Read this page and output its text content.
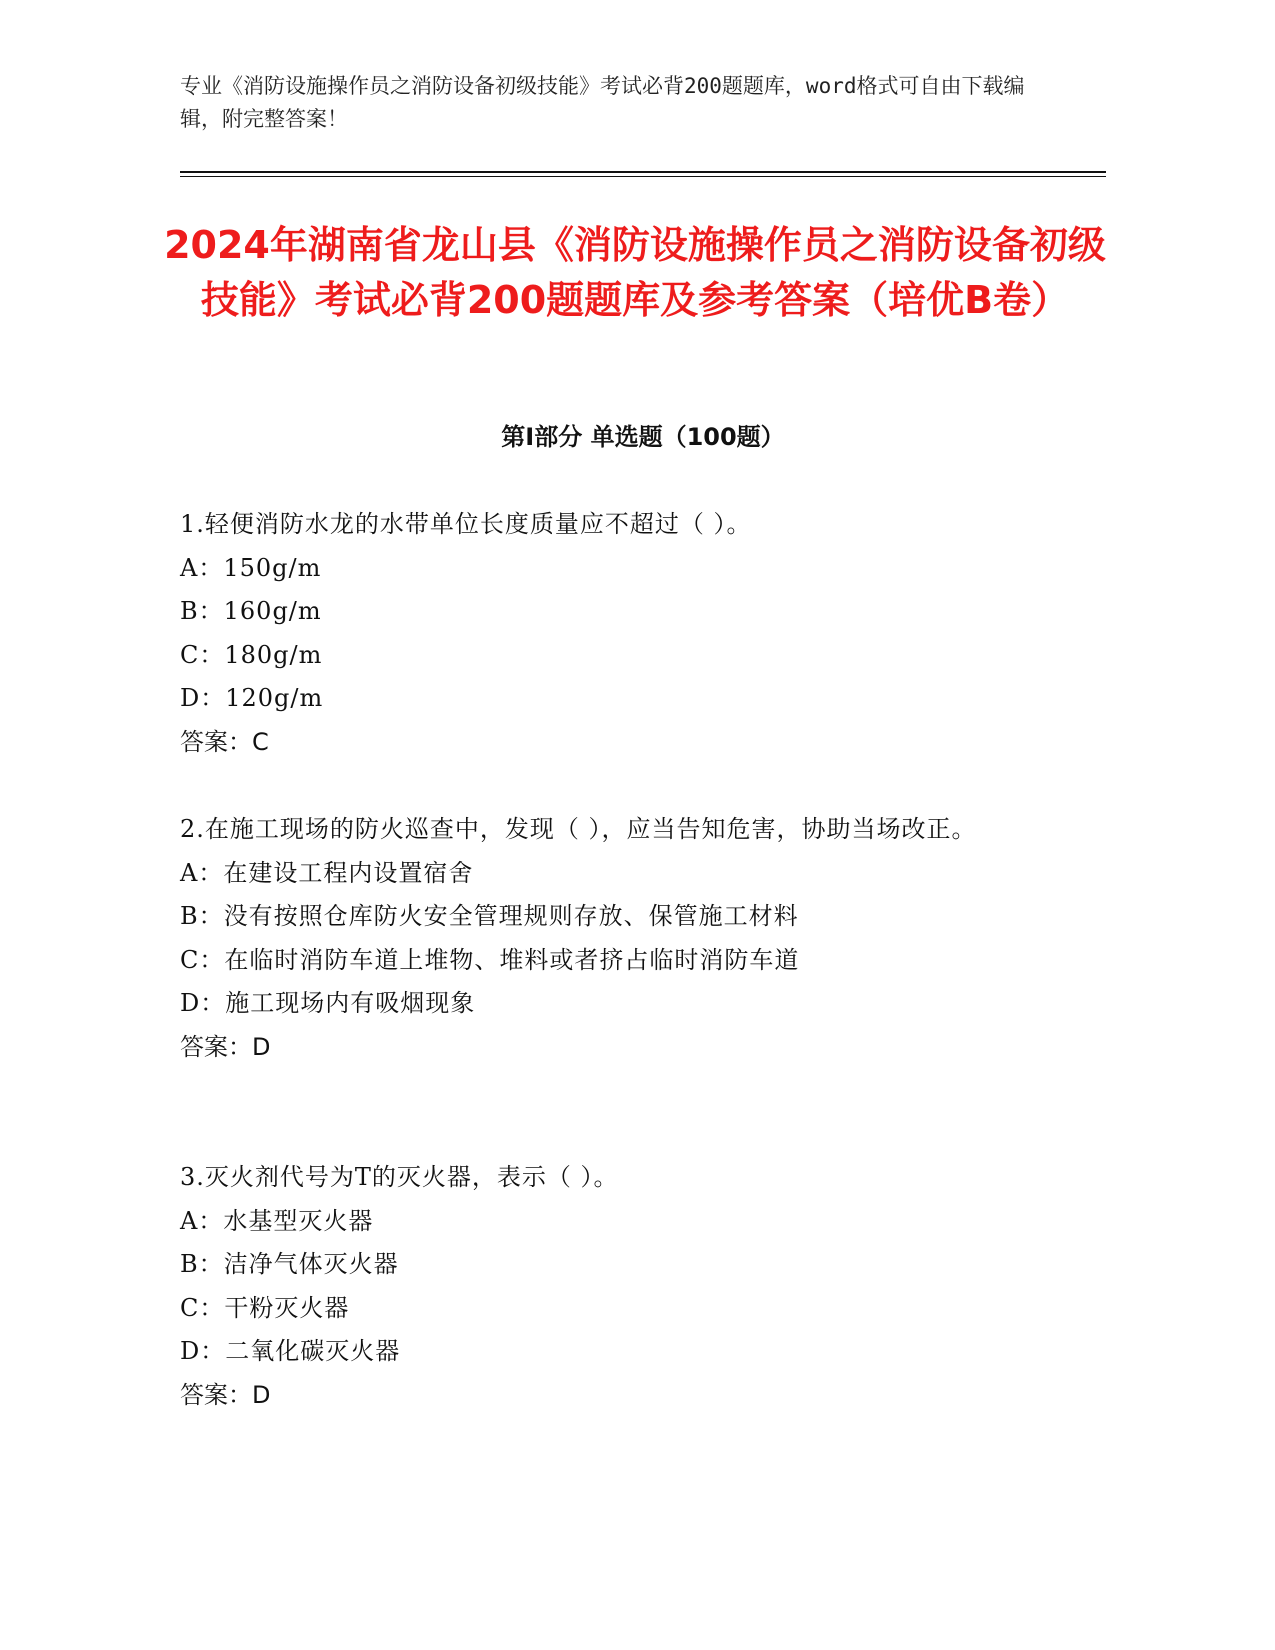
专业《消防设施操作员之消防设备初级技能》考试必背200题题库，word格式可自由下载编辑，附完整答案！
2024年湖南省龙山县《消防设施操作员之消防设备初级技能》考试必背200题题库及参考答案（培优B卷）
第Ⅰ部分 单选题（100题）
1.轻便消防水龙的水带单位长度质量应不超过（ ）。
A：150g/m
B：160g/m
C：180g/m
D：120g/m
答案：C
2.在施工现场的防火巡查中，发现（ ），应当告知危害，协助当场改正。
A：在建设工程内设置宿舍
B：没有按照仓库防火安全管理规则存放、保管施工材料
C：在临时消防车道上堆物、堆料或者挤占临时消防车道
D：施工现场内有吸烟现象
答案：D
3.灭火剂代号为T的灭火器，表示（ ）。
A：水基型灭火器
B：洁净气体灭火器
C：干粉灭火器
D：二氧化碳灭火器
答案：D
